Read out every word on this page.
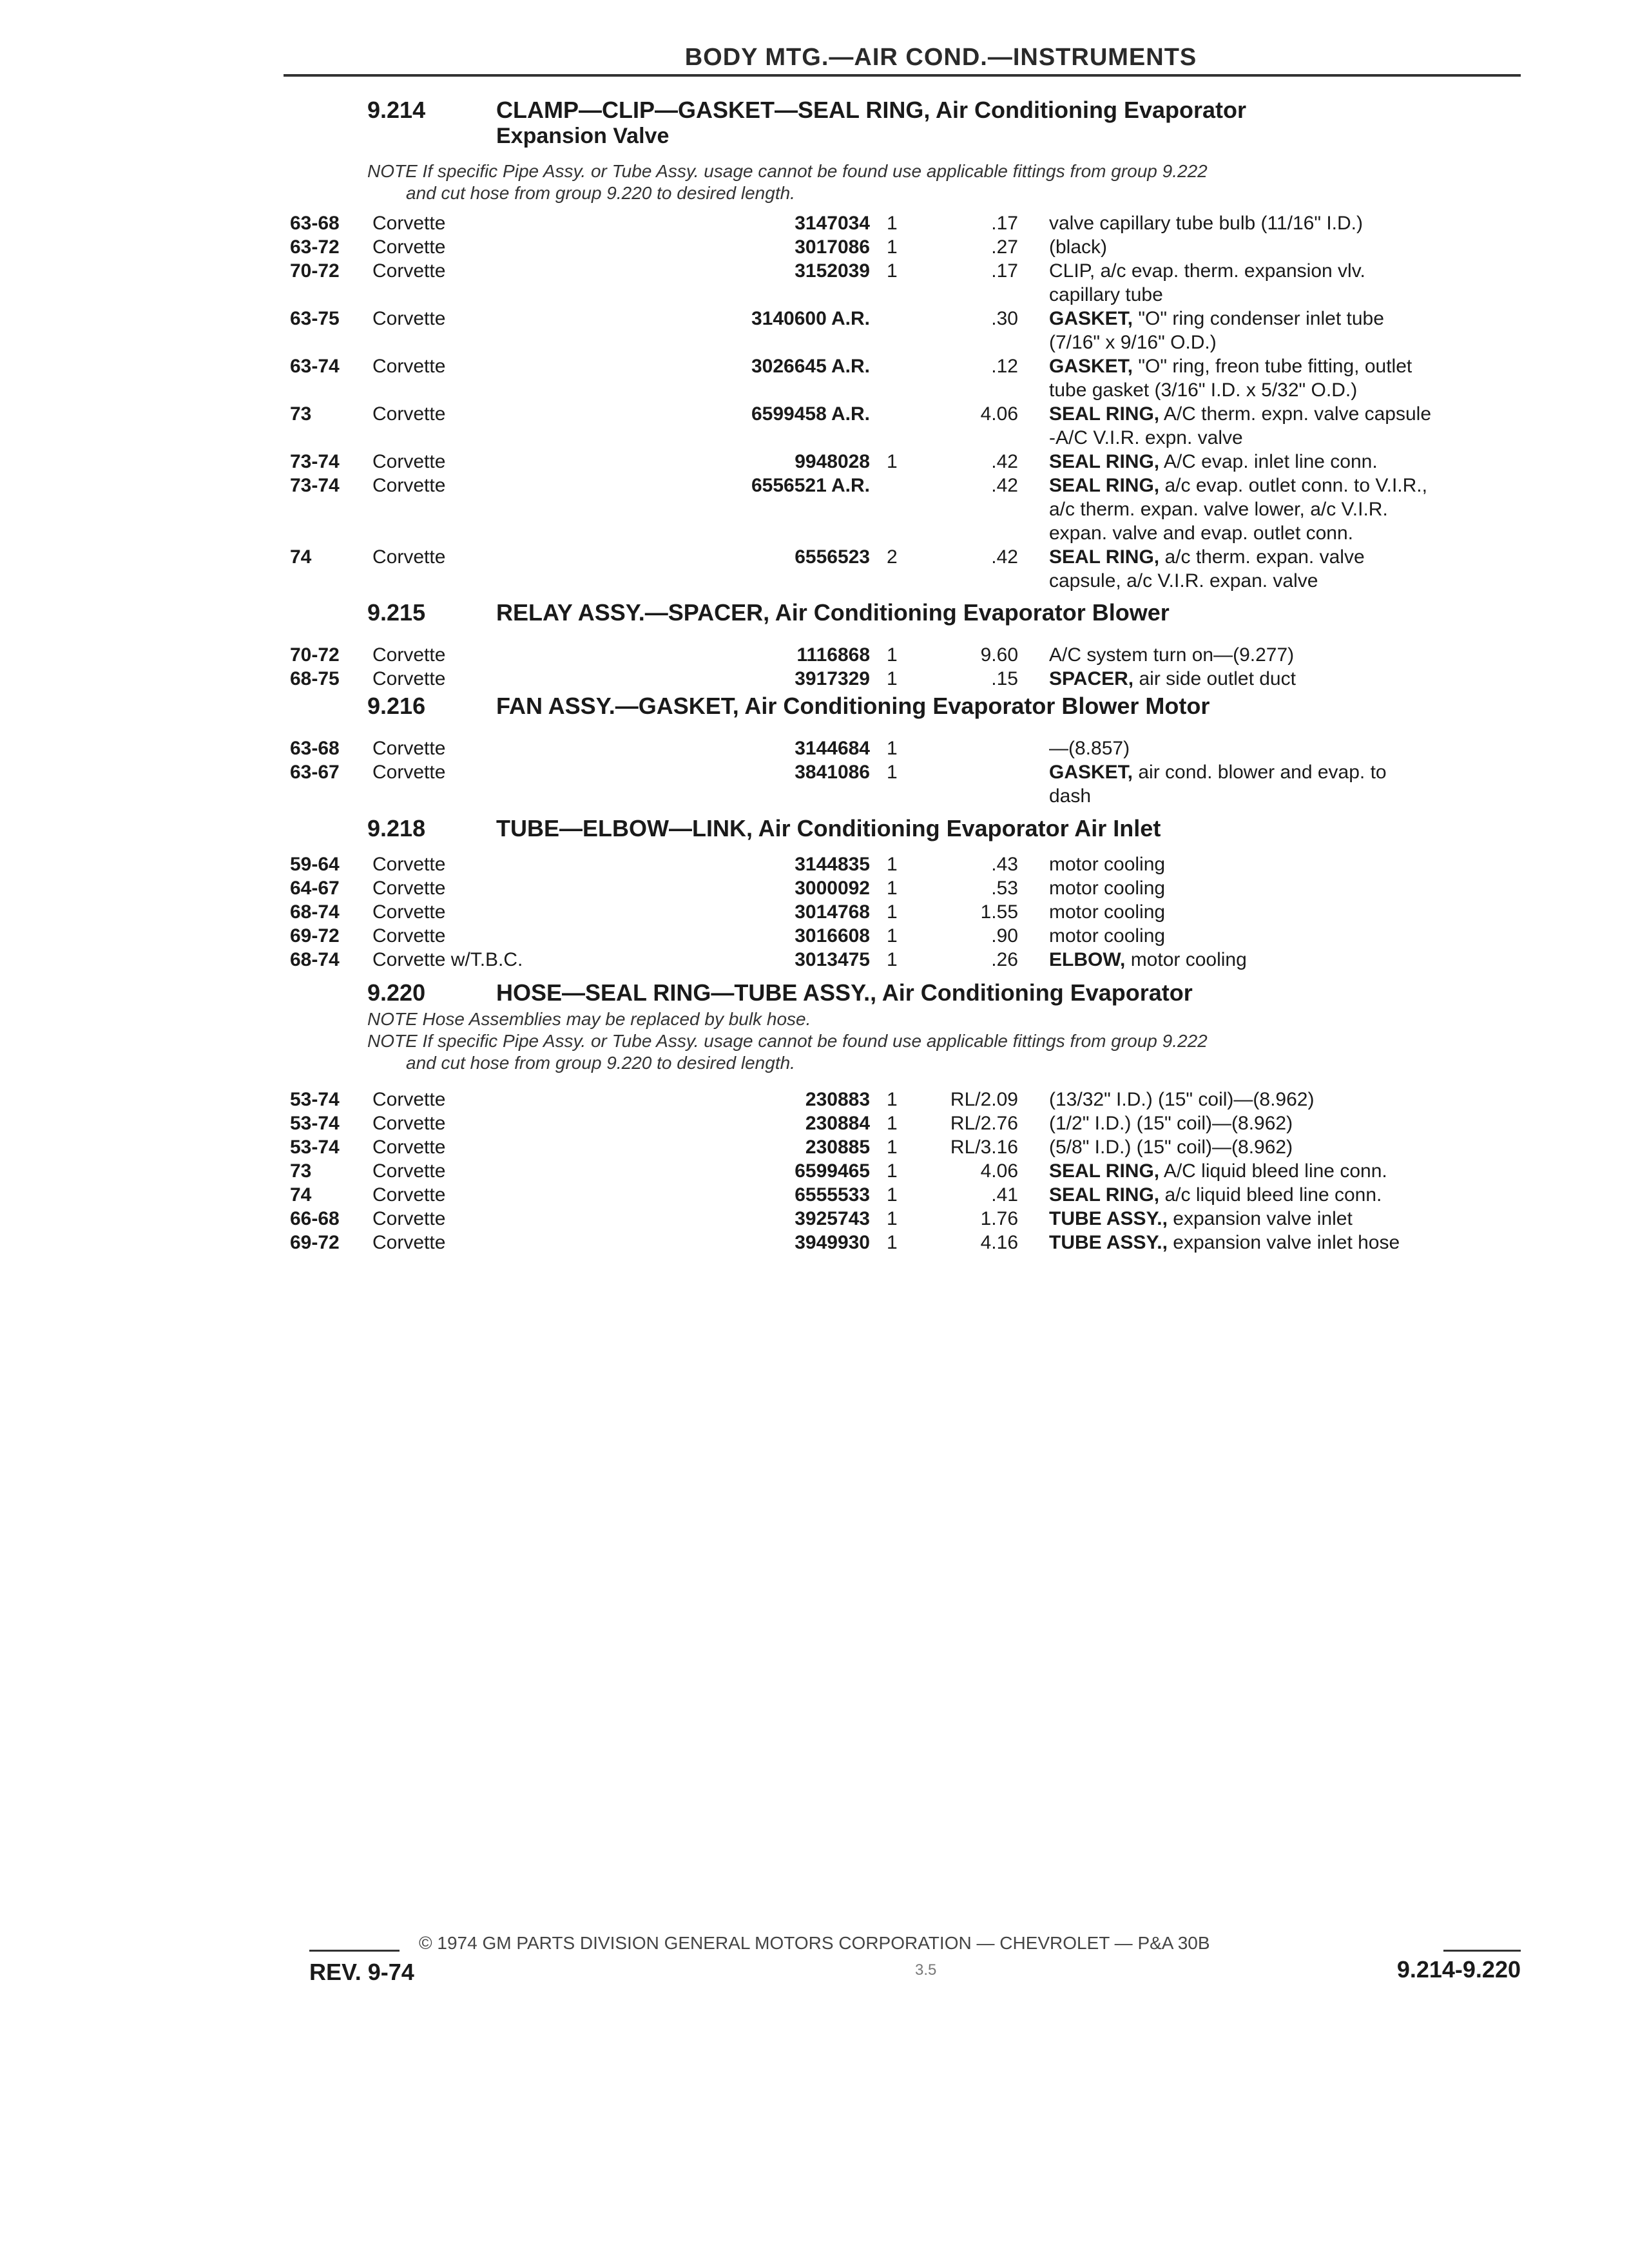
BODY MTG.—AIR COND.—INSTRUMENTS
9.214	CLAMP—CLIP—GASKET—SEAL RING, Air Conditioning Evaporator
Expansion Valve
NOTE If specific Pipe Assy. or Tube Assy. usage cannot be found use applicable fittings from group 9.222
and cut hose from group 9.220 to desired length.
63-68 Corvette	3147034 1	.17 valve capillary tube bulb (11/16" I.D.)
63-72 Corvette	3017086 1	.27 (black)
70-72 Corvette	3152039 1	.17 CLIP, a/c evap. therm. expansion vlv.
capillary tube
63-75 Corvette	3140600 A.R.	.30 GASKET, "O" ring condenser inlet tube
(7/16" x 9/16" O.D.)
63-74 Corvette	3026645 A.R.	.12 GASKET, "O" ring, freon tube fitting, outlet
tube gasket (3/16" I.D. x 5/32" O.D.)
73	Corvette	6599458 A.R.	4.06 SEAL RING, A/C therm. expn. valve capsule
-A/C V.I.R. expn. valve
73-74 Corvette	9948028 1	.42 SEAL RING, A/C evap. inlet line conn.
73-74 Corvette	6556521 A.R.	.42 SEAL RING, a/c evap. outlet conn. to V.I.R.,
a/c therm. expan. valve lower, a/c V.I.R.
expan. valve and evap. outlet conn.
74	Corvette	6556523 2	.42 SEAL RING, a/c therm. expan. valve
capsule, a/c V.I.R. expan. valve
9.215	RELAY ASSY.—SPACER, Air Conditioning Evaporator Blower
70-72 Corvette	1116868 1	9.60 A/C system turn on—(9.277)
68-75 Corvette	3917329 1	.15 SPACER, air side outlet duct
9.216	FAN ASSY.—GASKET, Air Conditioning Evaporator Blower Motor
63-68 Corvette	3144684 1	—(8.857)
63-67 Corvette	3841086 1	GASKET, air cond. blower and evap. to
dash
9.218	TUBE—ELBOW—LINK, Air Conditioning Evaporator Air Inlet
59-64 Corvette	3144835 1	.43 motor cooling
64-67 Corvette	3000092 1	.53 motor cooling
68-74 Corvette	3014768 1	1.55 motor cooling
69-72 Corvette	3016608 1	.90 motor cooling
68-74 Corvette w/T.B.C.	3013475 1	.26 ELBOW, motor cooling
9.220	HOSE—SEAL RING—TUBE ASSY., Air Conditioning Evaporator
NOTE Hose Assemblies may be replaced by bulk hose.
NOTE If specific Pipe Assy. or Tube Assy. usage cannot be found use applicable fittings from group 9.222
and cut hose from group 9.220 to desired length.
53-74 Corvette	230883 1	RL/2.09 (13/32" I.D.) (15" coil)—(8.962)
53-74 Corvette	230884 1	RL/2.76 (1/2" I.D.) (15" coil)—(8.962)
53-74 Corvette	230885 1	RL/3.16 (5/8" I.D.) (15" coil)—(8.962)
73	Corvette	6599465 1	4.06 SEAL RING, A/C liquid bleed line conn.
74	Corvette	6555533 1	.41 SEAL RING, a/c liquid bleed line conn.
66-68 Corvette	3925743 1	1.76 TUBE ASSY., expansion valve inlet
69-72 Corvette	3949930 1	4.16 TUBE ASSY., expansion valve inlet hose
© 1974 GM PARTS DIVISION GENERAL MOTORS CORPORATION — CHEVROLET — P&A 30B
REV. 9-74	3.5	9.214-9.220
